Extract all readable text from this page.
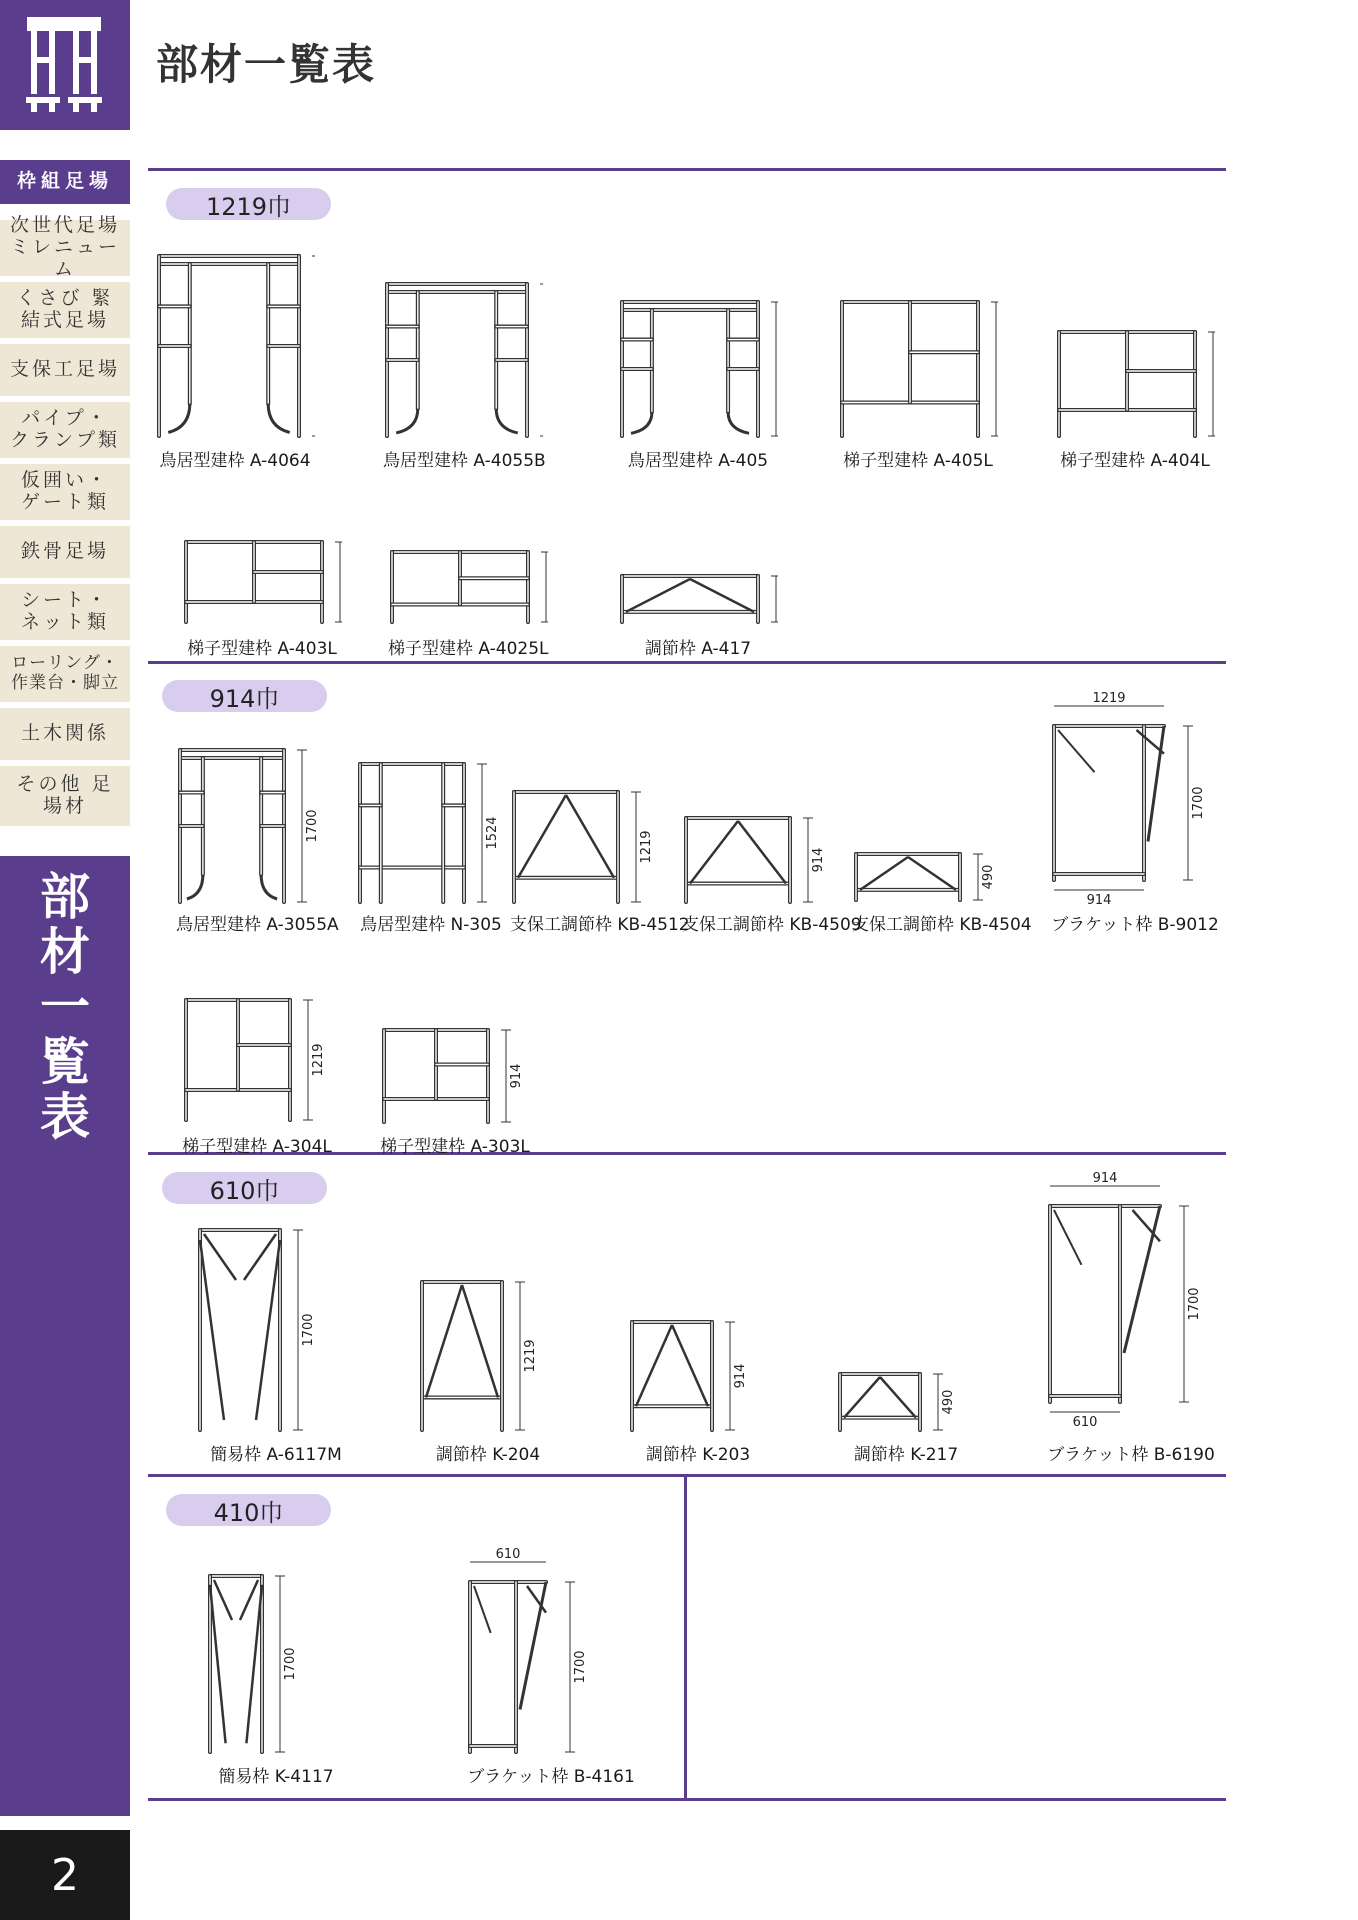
枠組足場
次世代足場 ミレニューム
くさび 緊結式足場
支保工足場
パイプ・ クランプ類
仮囲い・ ゲート類
鉄骨足場
シート・ ネット類
ローリング・ 作業台・脚立
土木関係
その他 足場材
部
材
一
覧
表
2
部材一覧表
1219巾
914巾
610巾
410巾
鳥居型建枠 A-4064	鳥居型建枠 A-4055B	鳥居型建枠 A-405	梯子型建枠 A-405L	梯子型建枠 A-404L
梯子型建枠 A-403L	梯子型建枠 A-4025L	調節枠 A-417
1700
鳥居型建枠 A-3055A
1524
鳥居型建枠 N-305
1219
支保工調節枠 KB-4512
914
支保工調節枠 KB-4509
490
支保工調節枠 KB-4504
1219
914
1700
ブラケット枠 B-9012
1219
梯子型建枠 A-304L
914
梯子型建枠 A-303L
1700
簡易枠 A-6117M
1219
調節枠 K-204
914
調節枠 K-203
490
調節枠 K-217
914
610
1700
ブラケット枠 B-6190
1700
簡易枠 K-4117
610
1700
ブラケット枠 B-4161
